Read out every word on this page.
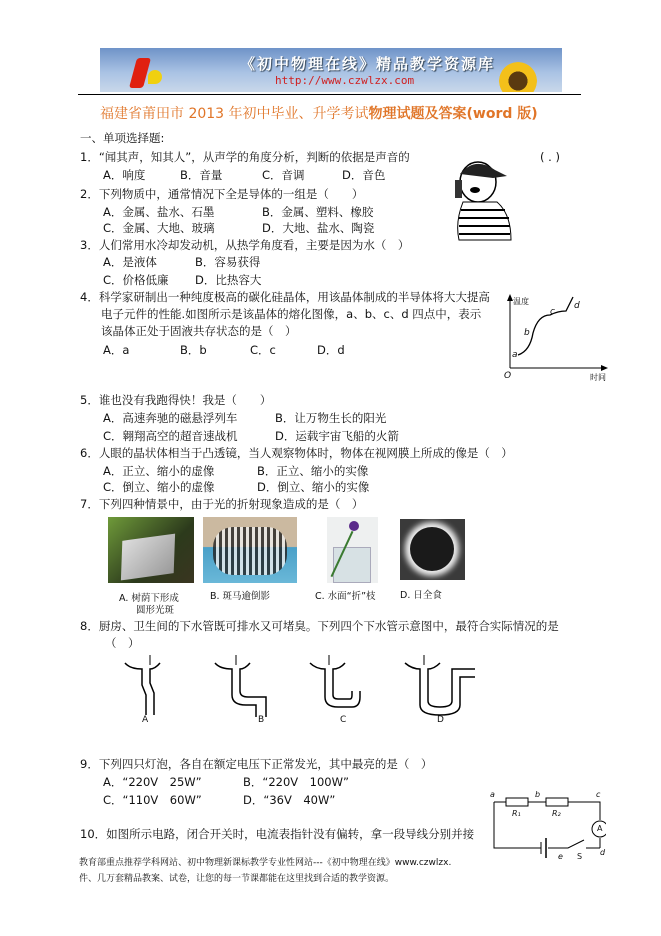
《初中物理在线》精品教学资源库
http://www.czwlzx.com
福建省莆田市 2013 年初中毕业、升学考试物理试题及答案(word 版)
一、单项选择题:
1．“闻其声，知其人”，从声学的角度分析，判断的依据是声音的	( . )
A．响度	B．音量	C．音调	D．音色
2．下列物质中，通常情况下全是导体的一组是（　　）
A．金属、盐水、石墨	B．金属、塑料、橡胶
C．金属、大地、玻璃	D．大地、盐水、陶瓷
3．人们常用水冷却发动机，从热学角度看，主要是因为水（　）
A．是液体	B．容易获得
C．价格低廉 D．比热容大
4．科学家研制出一种纯度极高的碳化硅晶体，用该晶体制成的半导体将大大提高
电子元件的性能.如图所示是该晶体的熔化图像，a、b、c、d 四点中，表示
该晶体正处于固液共存状态的是（　）
A．a	B．b	C．c	D．d
温度
时间
O
a
b
c
d
5．谁也没有我跑得快！我是（　　）
A．高速奔驰的磁悬浮列车	B．让万物生长的阳光
C．翱翔高空的超音速战机	D．运载宇宙飞船的火箭
6．人眼的晶状体相当于凸透镜，当人观察物体时，物体在视网膜上所成的像是（　）
A．正立、缩小的虚像	B．正立、缩小的实像
C．倒立、缩小的虚像	D．倒立、缩小的实像
7．下列四种情景中，由于光的折射现象造成的是（　）
A. 树荫下形成
圆形光斑
B. 斑马逾倒影	C. 水面“折”枝	D. 日全食
8．厨房、卫生间的下水管既可排水又可堵臭。下列四个下水管示意图中，最符合实际情况的是
（　）
A	B	C	D
9．下列四只灯泡，各自在额定电压下正常发光，其中最亮的是（　）
A．“220V　25W”	B．“220V　100W”
C．“110V　60W”	D．“36V　40W”
10．如图所示电路，闭合开关时，电流表指针没有偏转，拿一段导线分别并接
a	b	c
d
e
R₁	R₂
A
S
教育部重点推荐学科网站、初中物理新课标教学专业性网站---《初中物理在线》www.czwlzx.
件、几万套精品教案、试卷，让您的每一节课都能在这里找到合适的教学资源。
